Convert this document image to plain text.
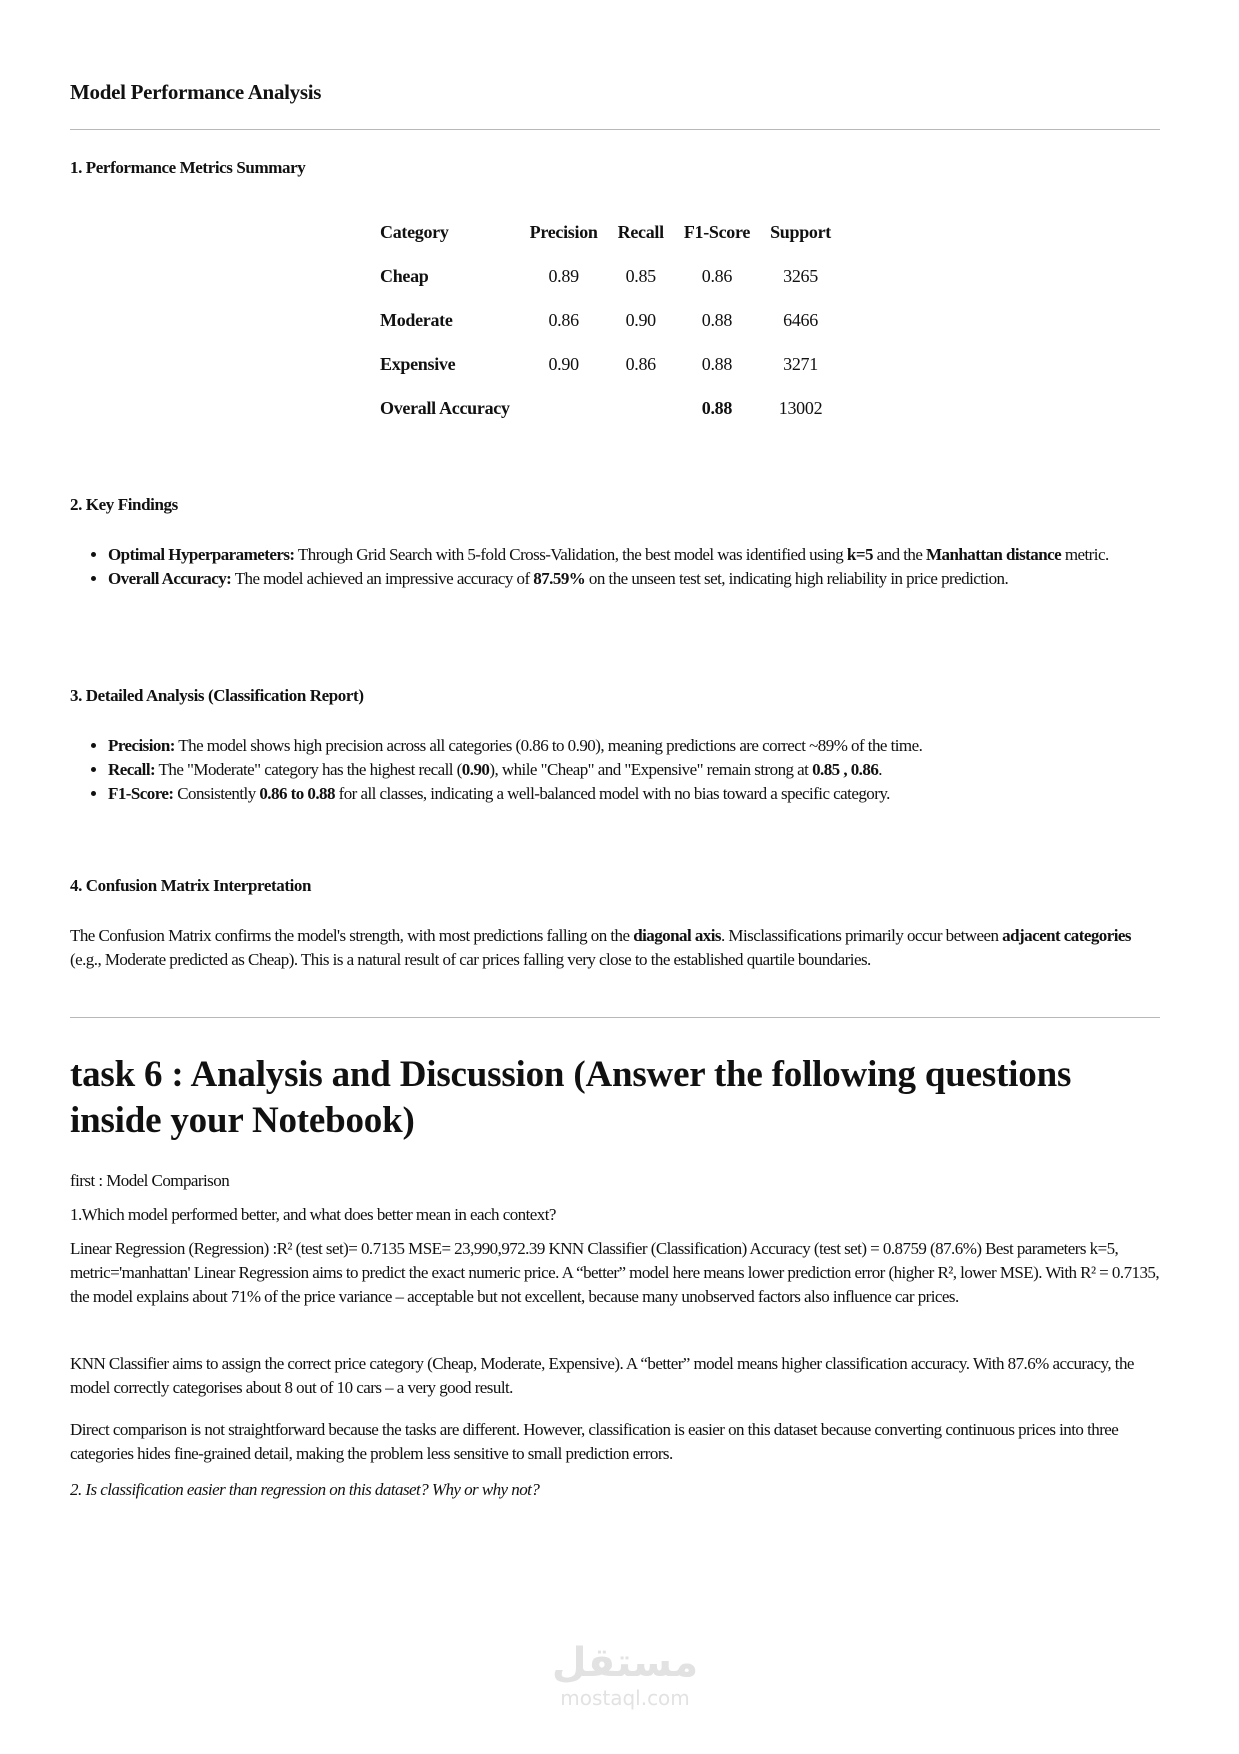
Model Performance Analysis
1. Performance Metrics Summary
Category	Precision	Recall	F1-Score	Support
Cheap	0.89	0.85	0.86	3265
Moderate	0.86	0.90	0.88	6466
Expensive	0.90	0.86	0.88	3271
Overall Accuracy			0.88	13002
2. Key Findings
• Optimal Hyperparameters: Through Grid Search with 5-fold Cross-Validation, the best model was identified using k=5 and the Manhattan distance metric.
• Overall Accuracy: The model achieved an impressive accuracy of 87.59% on the unseen test set, indicating high reliability in price prediction.
3. Detailed Analysis (Classification Report)
• Precision: The model shows high precision across all categories (0.86 to 0.90), meaning predictions are correct ~89% of the time.
• Recall: The "Moderate" category has the highest recall (0.90), while "Cheap" and "Expensive" remain strong at 0.85 , 0.86.
• F1-Score: Consistently 0.86 to 0.88 for all classes, indicating a well-balanced model with no bias toward a specific category.
4. Confusion Matrix Interpretation

The Confusion Matrix confirms the model's strength, with most predictions falling on the diagonal axis. Misclassifications primarily occur between adjacent categories (e.g., Moderate predicted as Cheap). This is a natural result of car prices falling very close to the established quartile boundaries.

task 6 : Analysis and Discussion (Answer the following questions inside your Notebook)

first : Model Comparison

1.Which model performed better, and what does better mean in each context?

Linear Regression (Regression) :R² (test set)= 0.7135 MSE= 23,990,972.39 KNN Classifier (Classification) Accuracy (test set) = 0.8759 (87.6%) Best parameters k=5, metric='manhattan' Linear Regression aims to predict the exact numeric price. A “better” model here means lower prediction error (higher R², lower MSE). With R² = 0.7135, the model explains about 71% of the price variance – acceptable but not excellent, because many unobserved factors also influence car prices.

KNN Classifier aims to assign the correct price category (Cheap, Moderate, Expensive). A “better” model means higher classification accuracy. With 87.6% accuracy, the model correctly categorises about 8 out of 10 cars – a very good result.

Direct comparison is not straightforward because the tasks are different. However, classification is easier on this dataset because converting continuous prices into three categories hides fine-grained detail, making the problem less sensitive to small prediction errors.

2. Is classification easier than regression on this dataset? Why or why not?

مستقل
mostaql.com
